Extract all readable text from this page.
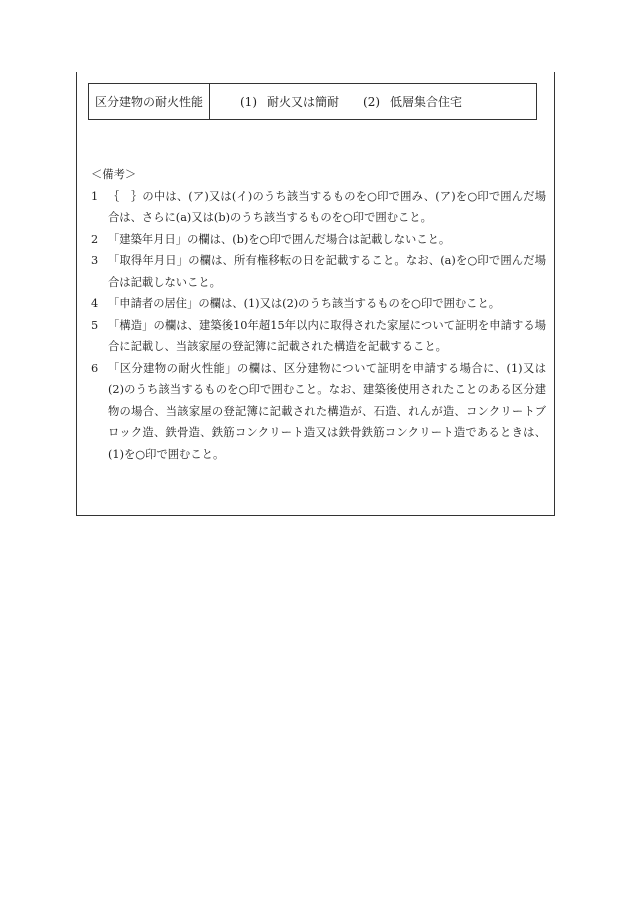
区分建物の耐火性能	(1) 耐火又は簡耐 (2) 低層集合住宅
＜備考＞
1 ｛　｝の中は、(ア)又は(イ)のうち該当するものを○印で囲み、(ア)を○印で囲んだ場合は、さらに(a)又は(b)のうち該当するものを○印で囲むこと。
2 「建築年月日」の欄は、(b)を○印で囲んだ場合は記載しないこと。
3 「取得年月日」の欄は、所有権移転の日を記載すること。なお、(a)を○印で囲んだ場合は記載しないこと。
4 「申請者の居住」の欄は、(1)又は(2)のうち該当するものを○印で囲むこと。
5 「構造」の欄は、建築後10年超15年以内に取得された家屋について証明を申請する場合に記載し、当該家屋の登記簿に記載された構造を記載すること。
6 「区分建物の耐火性能」の欄は、区分建物について証明を申請する場合に、(1)又は(2)のうち該当するものを○印で囲むこと。なお、建築後使用されたことのある区分建物の場合、当該家屋の登記簿に記載された構造が、石造、れんが造、コンクリートブロック造、鉄骨造、鉄筋コンクリート造又は鉄骨鉄筋コンクリート造であるときは、(1)を○印で囲むこと。
